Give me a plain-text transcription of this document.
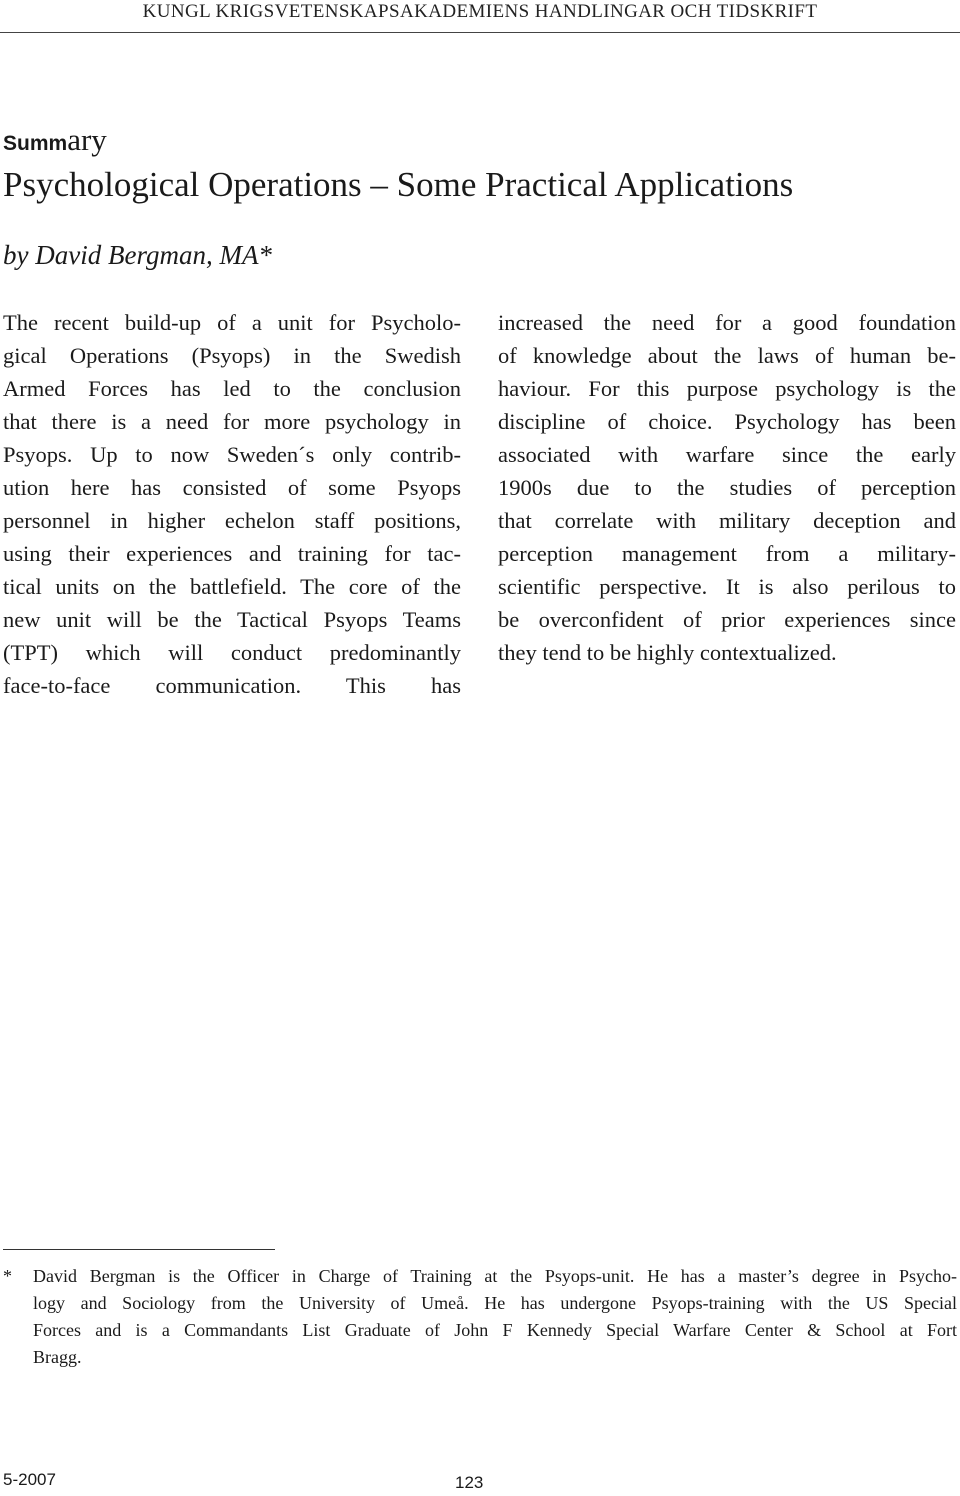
KUNGL KRIGSVETENSKAPSAKADEMIENS HANDLINGAR OCH TIDSKRIFT
Summary
Psychological Operations – Some Practical Applications
by David Bergman, MA*
The recent build-up of a unit for Psycholo-
gical Operations (Psyops) in the Swedish
Armed Forces has led to the conclusion
that there is a need for more psychology in
Psyops. Up to now Sweden´s only contrib-
ution here has consisted of some Psyops
personnel in higher echelon staff positions,
using their experiences and training for tac-
tical units on the battlefield. The core of the
new unit will be the Tactical Psyops Teams
(TPT) which will conduct predominantly
face-to-face communication. This has
increased the need for a good foundation
of knowledge about the laws of human be-
haviour. For this purpose psychology is the
discipline of choice. Psychology has been
associated with warfare since the early
1900s due to the studies of perception
that correlate with military deception and
perception management from a military-
scientific perspective. It is also perilous to
be overconfident of prior experiences since
they tend to be highly contextualized.
* David Bergman is the Officer in Charge of Training at the Psyops-unit. He has a master’s degree in Psycho-
logy and Sociology from the University of Umeå. He has undergone Psyops-training with the US Special
Forces and is a Commandants List Graduate of John F Kennedy Special Warfare Center & School at Fort
Bragg.
5-2007	123
